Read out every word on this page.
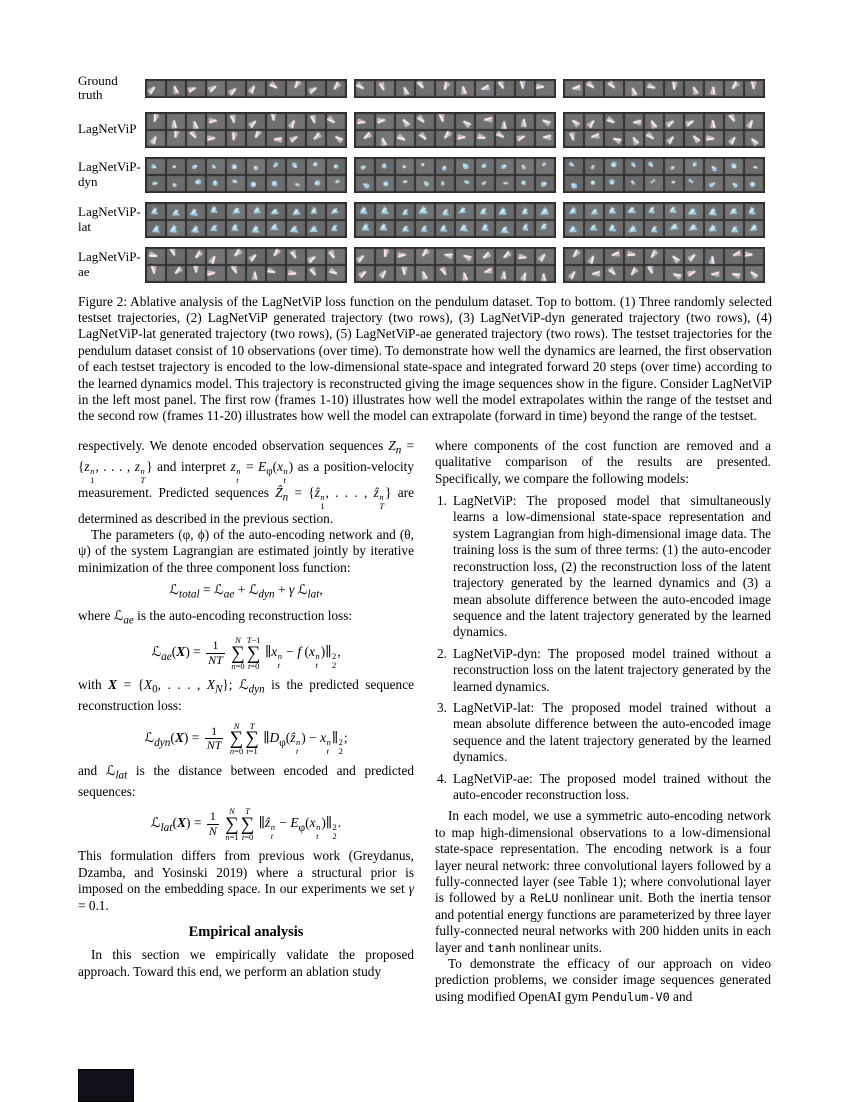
Ground truth
LagNetViP
LagNetViP-dyn
LagNetViP-lat
LagNetViP-ae
Figure 2: Ablative analysis of the LagNetViP loss function on the pendulum dataset. Top to bottom. (1) Three randomly selected testset trajectories, (2) LagNetViP generated trajectory (two rows), (3) LagNetViP-dyn generated trajectory (two rows), (4) LagNetViP-lat generated trajectory (two rows), (5) LagNetViP-ae generated trajectory (two rows). The testset trajectories for the pendulum dataset consist of 10 observations (over time). To demonstrate how well the dynamics are learned, the first observation of each testset trajectory is encoded to the low-dimensional state-space and integrated forward 20 steps (over time) according to the learned dynamics model. This trajectory is reconstructed giving the image sequences show in the figure. Consider LagNetViP in the left most panel. The first row (frames 1-10) illustrates how well the model extrapolates within the range of the testset and the second row (frames 11-20) illustrates how well the model can extrapolate (forward in time) beyond the range of the testset.

respectively. We denote encoded observation sequences $Z_n = \{z$ n
1
, . . . , z n
T
} and interpret z n
t
= $E_\varphi(x$ n
t
) as a position-velocity measurement. Predicted sequences Ẑ$_n$ = {ẑ n
1
, . . . , ẑ n
T
} are determined as described in the previous section.

The parameters (φ, ϕ) of the auto-encoding network and (θ, ψ) of the system Lagrangian are estimated jointly by iterative minimization of the three component loss function:

ℒ$_{total}$ = ℒ$_{ae}$ + ℒ$_{dyn}$ + γ ℒ$_{lat}$,

where ℒ$_{ae}$ is the auto-encoding reconstruction loss:

ℒ$_{ae}$(X) = $\frac{1}{NT}$
N
∑
n=0
T−1
∑
t=0
∥x n
t
− f (x n
t
)∥ 2
2
,

with $X = \{X_0$, . . . , $X_N$}; ℒ$_{dyn}$ is the predicted sequence reconstruction loss:

ℒ$_{dyn}$(X) = $\frac{1}{NT}$
N
∑
n=0
T
∑
t=1
$\parallel D_\varphi(ẑ$ n
t
) − x n
t
∥ 2
2
;

and ℒ$_{lat}$ is the distance between encoded and predicted sequences:

ℒ$_{lat}$(X) = $\frac{1}{N}$
N
∑
n=1
T
∑
t=0
∥ẑ n
t
− $E_\varphi(x$ n
t
)∥ 2
2
.

This formulation differs from previous work (Greydanus, Dzamba, and Yosinski 2019) where a structural prior is imposed on the embedding space. In our experiments we set γ = 0.1.

Empirical analysis

In this section we empirically validate the proposed approach. Toward this end, we perform an ablation study

where components of the cost function are removed and a qualitative comparison of the results are presented. Specifically, we compare the following models:

1. LagNetViP: The proposed model that simultaneously learns a low-dimensional state-space representation and system Lagrangian from high-dimensional image data. The training loss is the sum of three terms: (1) the auto-encoder reconstruction loss, (2) the reconstruction loss of the latent trajectory generated by the learned dynamics and (3) a mean absolute difference between the auto-encoded image sequence and the latent trajectory generated by the learned dynamics.
2. LagNetViP-dyn: The proposed model trained without a reconstruction loss on the latent trajectory generated by the learned dynamics.
3. LagNetViP-lat: The proposed model trained without a mean absolute difference between the auto-encoded image sequence and the latent trajectory generated by the learned dynamics.
4. LagNetViP-ae: The proposed model trained without the auto-encoder reconstruction loss.

In each model, we use a symmetric auto-encoding network to map high-dimensional observations to a low-dimensional state-space representation. The encoding network is a four layer neural network: three convolutional layers followed by a fully-connected layer (see Table 1); where convolutional layer is followed by a ReLU nonlinear unit. Both the inertia tensor and potential energy functions are parameterized by three layer fully-connected neural networks with 200 hidden units in each layer and tanh nonlinear units.

To demonstrate the efficacy of our approach on video prediction problems, we consider image sequences generated using modified OpenAI gym Pendulum-V0 and
